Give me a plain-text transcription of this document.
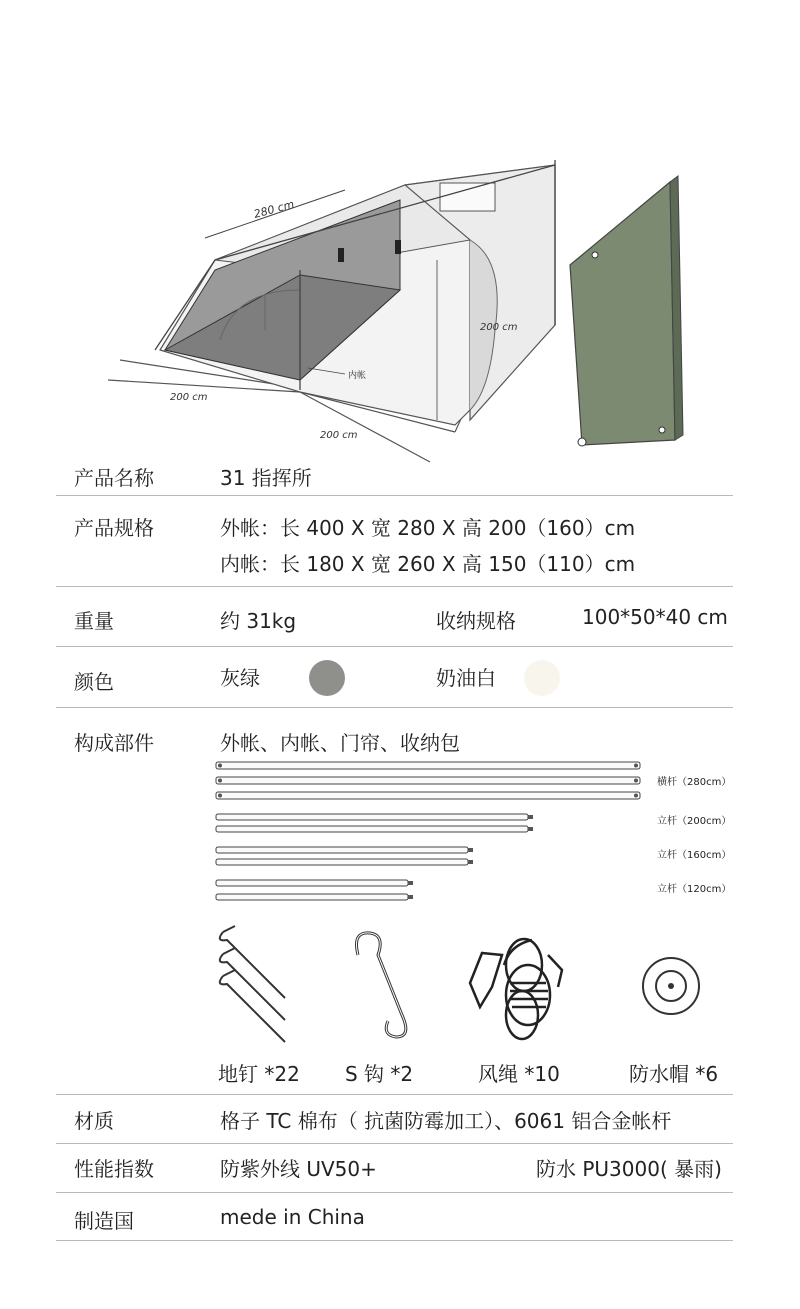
280 cm
200 cm
200 cm
200 cm
内帐
产品名称	31 指挥所
产品规格	外帐：长 400 X 宽 280 X 高 200（160）cm
内帐：长 180 X 宽 260 X 高 150（110）cm
重量	约 31kg	收纳规格	100*50*40 cm
颜色	灰绿	奶油白
构成部件	外帐、内帐、门帘、收纳包
横杆（280cm）
立杆（200cm）
立杆（160cm）
立杆（120cm）
地钉 *22 S 钩 *2	风绳 *10	防水帽 *6
材质	格子 TC 棉布（ 抗菌防霉加工）、6061 铝合金帐杆
性能指数	防紫外线 UV50+	防水 PU3000( 暴雨)
制造国	mede in China
